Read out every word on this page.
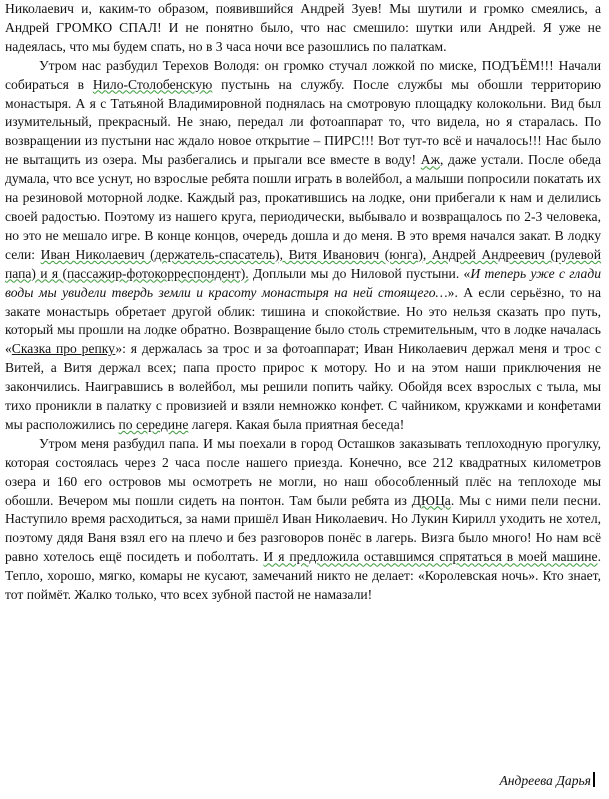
Николаевич и, каким-то образом, появившийся Андрей Зуев! Мы шутили и громко смеялись, а Андрей ГРОМКО СПАЛ! И не понятно было, что нас смешило: шутки или Андрей. Я уже не надеялась, что мы будем спать, но в 3 часа ночи все разошлись по палаткам.

Утром нас разбудил Терехов Володя: он громко стучал ложкой по миске, ПОДЪЁМ!!! Начали собираться в Нило-Столобенскую пустынь на службу. После службы мы обошли территорию монастыря. А я с Татьяной Владимировной поднялась на смотровую площадку колокольни. Вид был изумительный, прекрасный. Не знаю, передал ли фотоаппарат то, что видела, но я старалась. По возвращении из пустыни нас ждало новое открытие – ПИРС!!! Вот тут-то всё и началось!!! Нас было не вытащить из озера. Мы разбегались и прыгали все вместе в воду! Аж, даже устали. После обеда думала, что все уснут, но взрослые ребята пошли играть в волейбол, а малыши попросили покатать их на резиновой моторной лодке. Каждый раз, прокатившись на лодке, они прибегали к нам и делились своей радостью. Поэтому из нашего круга, периодически, выбывало и возвращалось по 2-3 человека, но это не мешало игре. В конце концов, очередь дошла и до меня. В это время начался закат. В лодку сели: Иван Николаевич (держатель-спасатель), Витя Иванович (юнга), Андрей Андреевич (рулевой папа) и я (пассажир-фотокорреспондент). Доплыли мы до Ниловой пустыни. «И теперь уже с глади воды мы увидели твердь земли и красоту монастыря на ней стоящего…». А если серьёзно, то на закате монастырь обретает другой облик: тишина и спокойствие. Но это нельзя сказать про путь, который мы прошли на лодке обратно. Возвращение было столь стремительным, что в лодке началась «Сказка про репку»: я держалась за трос и за фотоаппарат; Иван Николаевич держал меня и трос с Витей, а Витя держал всех; папа просто прирос к мотору. Но и на этом наши приключения не закончились. Наигравшись в волейбол, мы решили попить чайку. Обойдя всех взрослых с тыла, мы тихо проникли в палатку с провизией и взяли немножко конфет. С чайником, кружками и конфетами мы расположились по середине лагеря. Какая была приятная беседа!

Утром меня разбудил папа. И мы поехали в город Осташков заказывать теплоходную прогулку, которая состоялась через 2 часа после нашего приезда. Конечно, все 212 квадратных километров озера и 160 его островов мы осмотреть не могли, но наш обособленный плёс на теплоходе мы обошли. Вечером мы пошли сидеть на понтон. Там были ребята из ДЮЦа. Мы с ними пели песни. Наступило время расходиться, за нами пришёл Иван Николаевич. Но Лукин Кирилл уходить не хотел, поэтому дядя Ваня взял его на плечо и без разговоров понёс в лагерь. Визга было много! Но нам всё равно хотелось ещё посидеть и поболтать. И я предложила оставшимся спрятаться в моей машине. Тепло, хорошо, мягко, комары не кусают, замечаний никто не делает: «Королевская ночь». Кто знает, тот поймёт. Жалко только, что всех зубной пастой не намазали!

Андреева Дарья
